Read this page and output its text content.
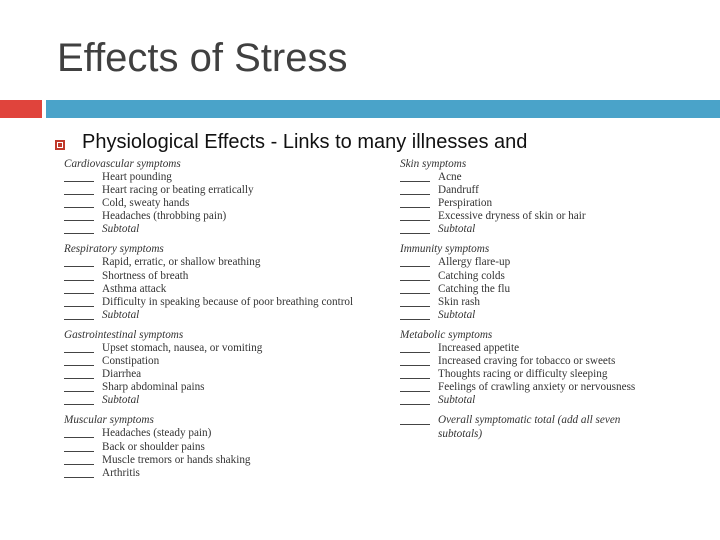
Effects of Stress
Physiological Effects - Links to many illnesses and
Cardiovascular symptoms
Heart pounding
Heart racing or beating erratically
Cold, sweaty hands
Headaches (throbbing pain)
Subtotal
Respiratory symptoms
Rapid, erratic, or shallow breathing
Shortness of breath
Asthma attack
Difficulty in speaking because of poor breathing control
Subtotal
Gastrointestinal symptoms
Upset stomach, nausea, or vomiting
Constipation
Diarrhea
Sharp abdominal pains
Subtotal
Muscular symptoms
Headaches (steady pain)
Back or shoulder pains
Muscle tremors or hands shaking
Arthritis
Skin symptoms
Acne
Dandruff
Perspiration
Excessive dryness of skin or hair
Subtotal
Immunity symptoms
Allergy flare-up
Catching colds
Catching the flu
Skin rash
Subtotal
Metabolic symptoms
Increased appetite
Increased craving for tobacco or sweets
Thoughts racing or difficulty sleeping
Feelings of crawling anxiety or nervousness
Subtotal
Overall symptomatic total (add all seven subtotals)
